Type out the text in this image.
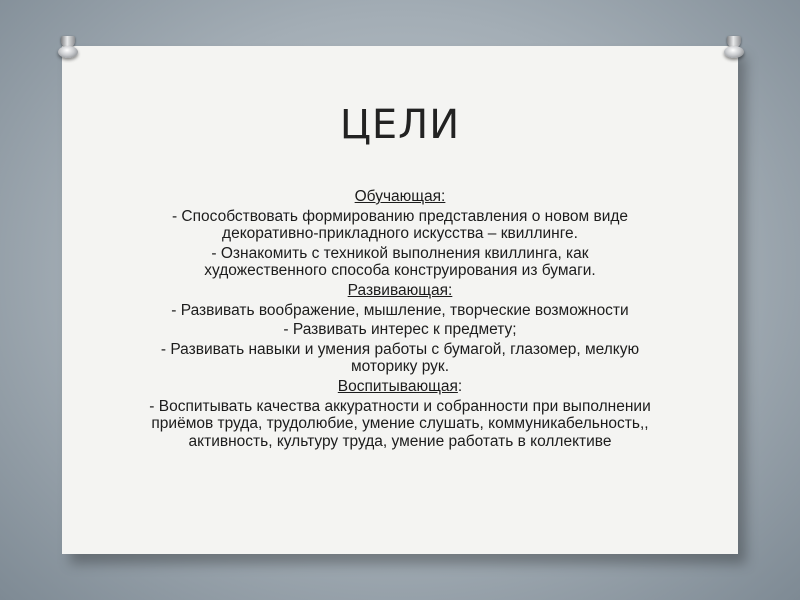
ЦЕЛИ
Обучающая:
- Способствовать формированию представления о новом виде декоративно-прикладного искусства – квиллинге.
- Ознакомить с техникой выполнения квиллинга, как художественного способа конструирования из бумаги.
Развивающая:
- Развивать воображение, мышление, творческие возможности
- Развивать интерес к предмету;
- Развивать навыки и умения работы с бумагой, глазомер, мелкую моторику рук.
Воспитывающая:
- Воспитывать качества аккуратности и собранности при выполнении приёмов труда, трудолюбие, умение слушать, коммуникабельность,, активность, культуру труда, умение работать в коллективе
